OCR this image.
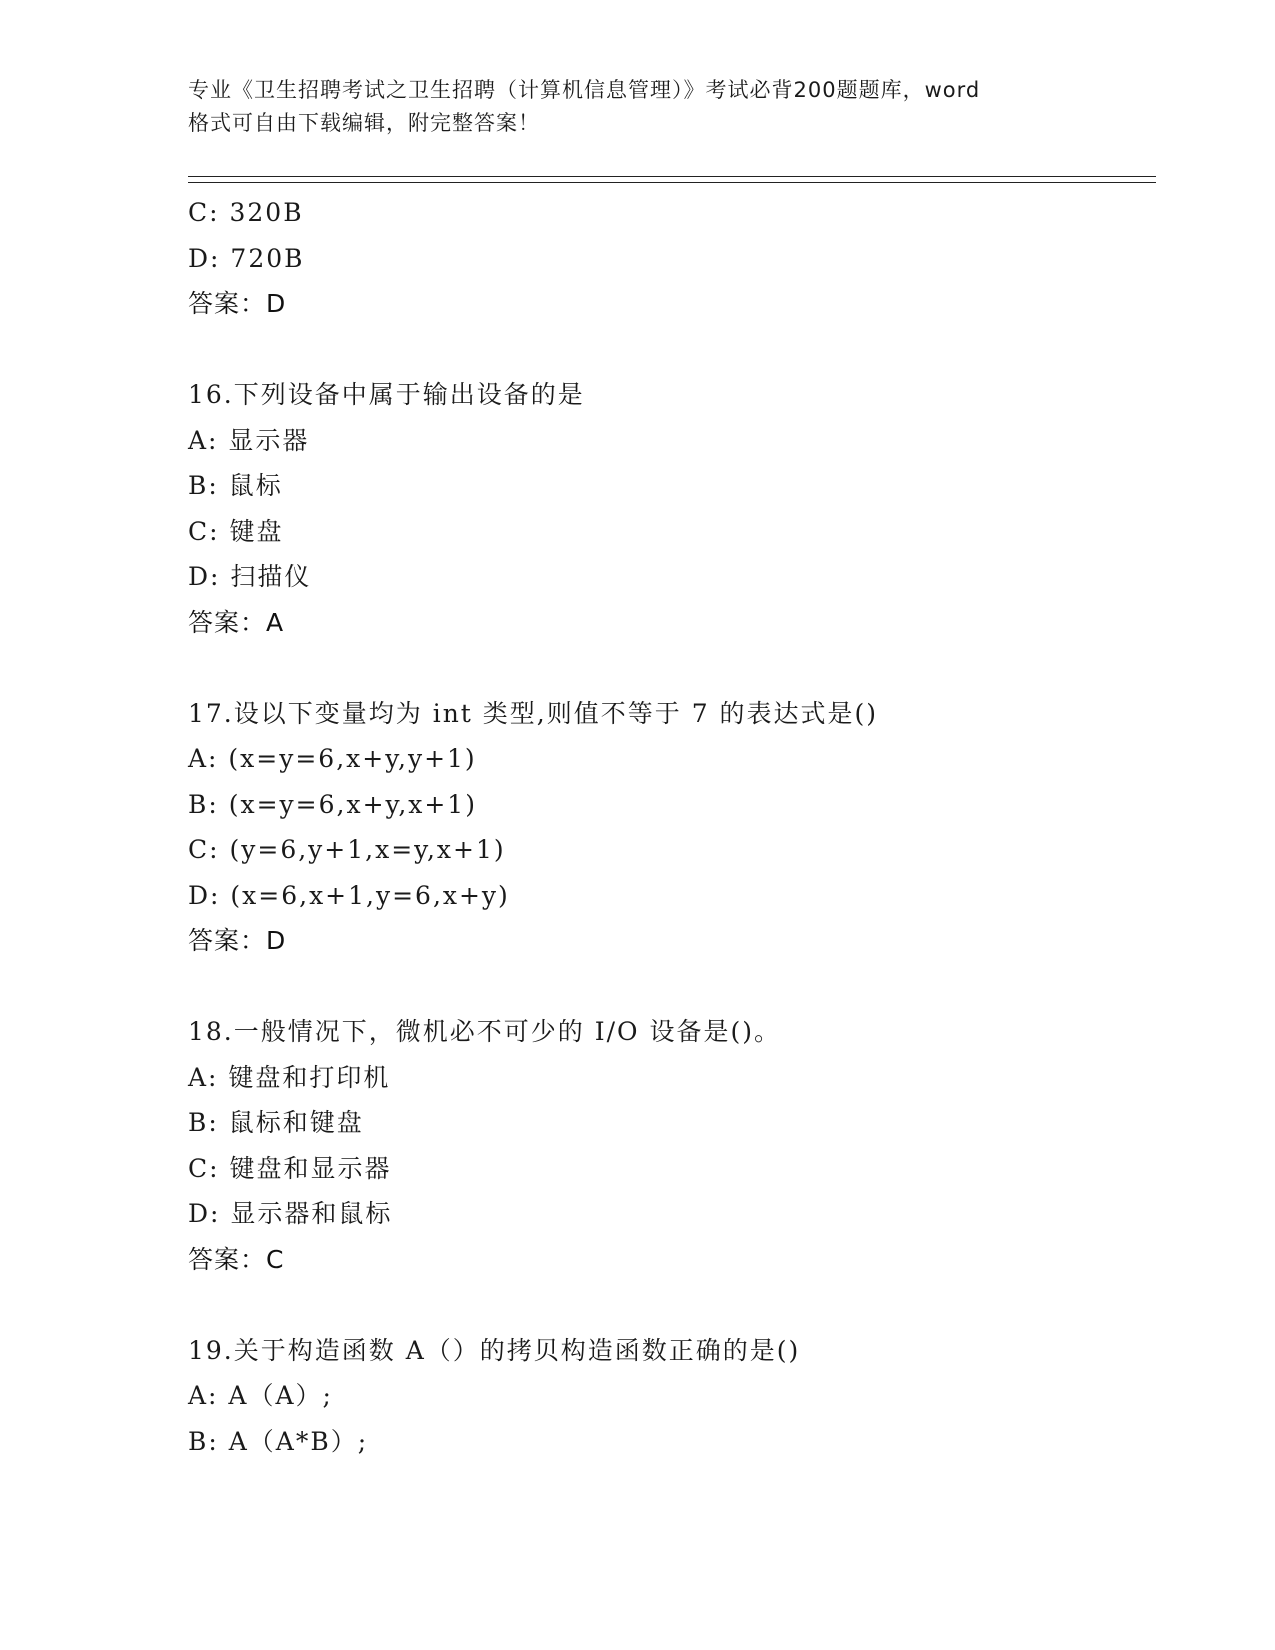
专业《卫生招聘考试之卫生招聘（计算机信息管理）》考试必背200题题库，word
格式可自由下载编辑，附完整答案！
C: 320B
D: 720B
答案：D
16.下列设备中属于输出设备的是
A: 显示器
B: 鼠标
C: 键盘
D: 扫描仪
答案：A
17.设以下变量均为 int 类型,则值不等于 7 的表达式是()
A: (x=y=6,x+y,y+1)
B: (x=y=6,x+y,x+1)
C: (y=6,y+1,x=y,x+1)
D: (x=6,x+1,y=6,x+y)
答案：D
18.一般情况下，微机必不可少的 I/O 设备是()。
A: 键盘和打印机
B: 鼠标和键盘
C: 键盘和显示器
D: 显示器和鼠标
答案：C
19.关于构造函数 A（）的拷贝构造函数正确的是()
A: A（A）;
B: A（A*B）;
